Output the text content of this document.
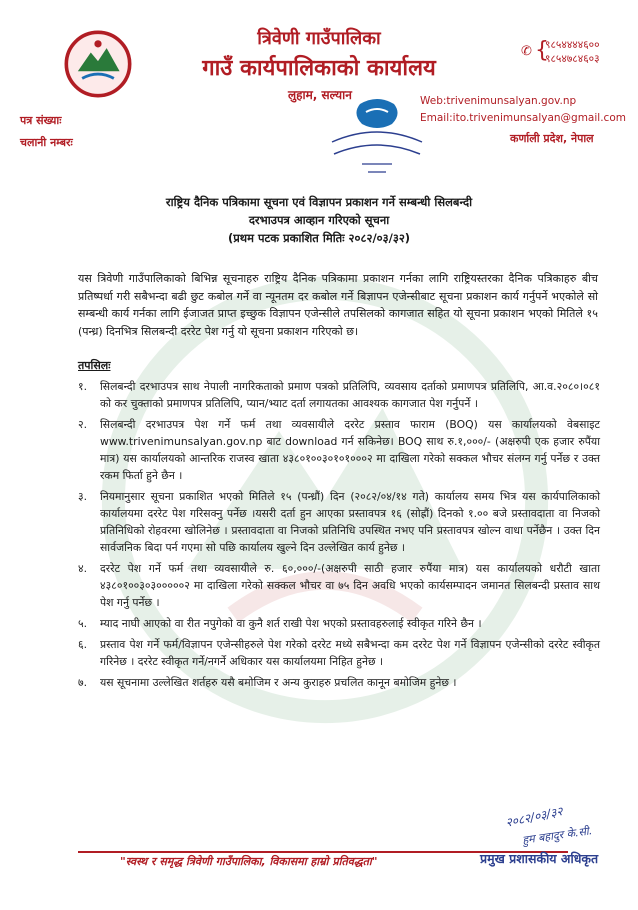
त्रिवेणी गाउँपालिका
गाउँ कार्यपालिकाको कार्यालय
लुहाम, सल्यान
✆ {
९८५४४४४६००
९८५४७८४६०३
Web:trivenimunsalyan.gov.np
Email:ito.trivenimunsalyan@gmail.com
कर्णाली प्रदेश, नेपाल
पत्र संख्याः
चलानी नम्बरः
राष्ट्रिय दैनिक पत्रिकामा सूचना एवं विज्ञापन प्रकाशन गर्ने सम्बन्धी सिलबन्दी
दरभाउपत्र आव्हान गरिएको सूचना
(प्रथम पटक प्रकाशित मितिः २०८२/०३/३२)
यस त्रिवेणी गाउँपालिकाको बिभिन्न सूचनाहरु राष्ट्रिय दैनिक पत्रिकामा प्रकाशन गर्नका लागि राष्ट्रियस्तरका दैनिक पत्रिकाहरु बीच प्रतिष्पर्धा गरी सबैभन्दा बढी छुट कबोल गर्ने वा न्यूनतम दर कबोल गर्ने बिज्ञापन एजेन्सीबाट सूचना प्रकाशन कार्य गर्नुपर्ने भएकोले सो सम्बन्धी कार्य गर्नका लागि ईजाजत प्राप्त इच्छुक विज्ञापन एजेन्सीले तपसिलको कागजात सहित यो सूचना प्रकाशन भएको मितिले १५ (पन्ध्र) दिनभित्र सिलबन्दी दररेट पेश गर्नु यो सूचना प्रकाशन गरिएको छ।
तपसिलः
१. सिलबन्दी दरभाउपत्र साथ नेपाली नागरिकताको प्रमाण पत्रको प्रतिलिपि, व्यवसाय दर्ताको प्रमाणपत्र प्रतिलिपि, आ.व.२०८०।०८१ को कर चुक्ताको प्रमाणपत्र प्रतिलिपि, प्यान/भ्याट दर्ता लगायतका आवश्यक कागजात पेश गर्नुपर्ने ।
२. सिलबन्दी दरभाउपत्र पेश गर्ने फर्म तथा व्यवसायीले दररेट प्रस्ताव फाराम (BOQ) यस कार्यालयको वेबसाइट www.trivenimunsalyan.gov.np बाट download गर्न सकिनेछ। BOQ साथ रु.१,०००/- (अक्षरुपी एक हजार रुपैंया मात्र) यस कार्यालयको आन्तरिक राजस्व खाता ४३८०१००३०१०१०००२ मा दाखिला गरेको सक्कल भौचर संलग्न गर्नु पर्नेछ र उक्त रकम फिर्ता हुने छैन ।
३. नियमानुसार सूचना प्रकाशित भएको मितिले १५ (पन्ध्रौं) दिन (२०८२/०४/१४ गते) कार्यालय समय भित्र यस कार्यपालिकाको कार्यालयमा दररेट पेश गरिसक्नु पर्नेछ ।यसरी दर्ता हुन आएका प्रस्तावपत्र १६ (सोह्रौं) दिनको १.०० बजे प्रस्तावदाता वा निजको प्रतिनिधिको रोहवरमा खोलिनेछ । प्रस्तावदाता वा निजको प्रतिनिधि उपस्थित नभए पनि प्रस्तावपत्र खोल्न वाधा पर्नेछैन । उक्त दिन सार्वजनिक बिदा पर्न गएमा सो पछि कार्यालय खुल्ने दिन उल्लेखित कार्य हुनेछ ।
४. दररेट पेश गर्ने फर्म तथा व्यवसायीले रु. ६०,०००/-(अक्षरुपी साठी हजार रुपैंया मात्र) यस कार्यालयको धरौटी खाता ४३८०१००३०३०००००२ मा दाखिला गरेको सक्कल भौचर वा ७५ दिन अवधि भएको कार्यसम्पादन जमानत सिलबन्दी प्रस्ताव साथ पेश गर्नु पर्नेछ ।
५. म्याद नाघी आएको वा रीत नपुगेको वा कुनै शर्त राखी पेश भएको प्रस्तावहरुलाई स्वीकृत गरिने छैन ।
६. प्रस्ताव पेश गर्ने फर्म/विज्ञापन एजेन्सीहरुले पेश गरेको दररेट मध्ये सबैभन्दा कम दररेट पेश गर्ने विज्ञापन एजेन्सीको दररेट स्वीकृत गरिनेछ । दररेट स्वीकृत गर्ने/नगर्ने अधिकार यस कार्यालयमा निहित हुनेछ ।
७. यस सूचनामा उल्लेखित शर्तहरु यसै बमोजिम र अन्य कुराहरु प्रचलित कानून बमोजिम हुनेछ ।
२०८२/०३/३२
हुम बहादुर के.सी.
"स्वस्थ र समृद्ध त्रिवेणी गाउँपालिका, विकासमा हाम्रो प्रतिवद्धता"	प्रमुख प्रशासकीय अधिकृत
